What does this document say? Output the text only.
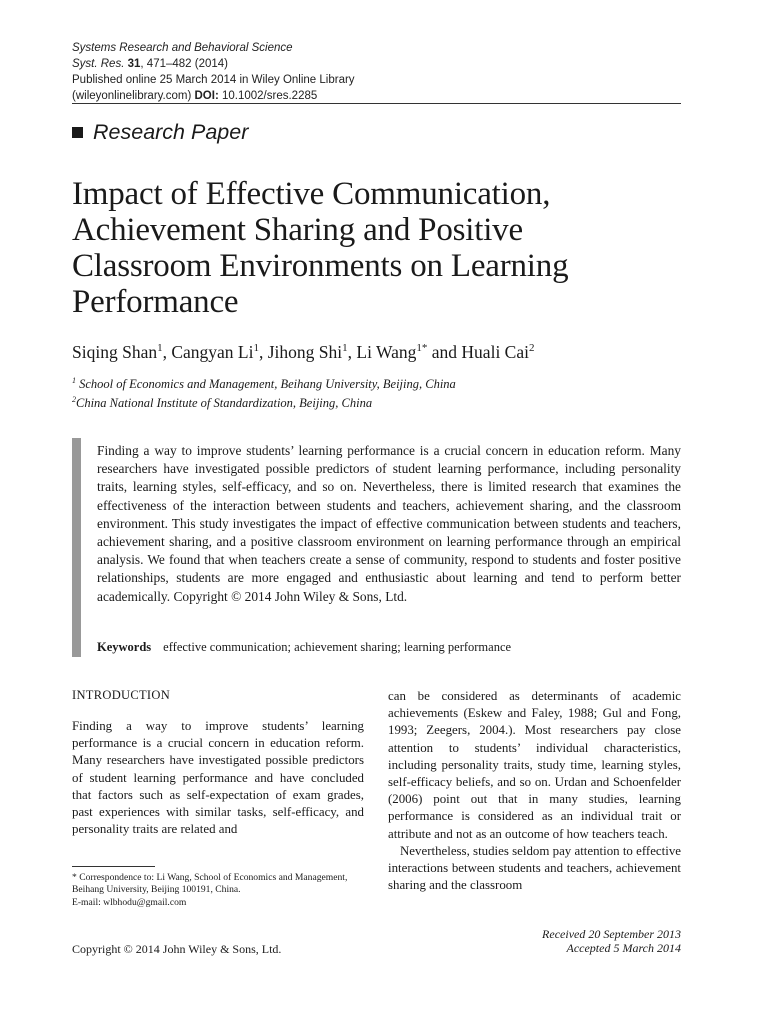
Systems Research and Behavioral Science
Syst. Res. 31, 471–482 (2014)
Published online 25 March 2014 in Wiley Online Library
(wileyonlinelibrary.com) DOI: 10.1002/sres.2285
Research Paper
Impact of Effective Communication,
Achievement Sharing and Positive
Classroom Environments on Learning
Performance
Siqing Shan$^1$, Cangyan Li$^1$, Jihong Shi$^1$, Li Wang$^{1*}$ and Huali Cai$^2$
$^1$ School of Economics and Management, Beihang University, Beijing, China
$^2$China National Institute of Standardization, Beijing, China
Finding a way to improve students’ learning performance is a crucial concern in education reform. Many researchers have investigated possible predictors of student learning performance, including personality traits, learning styles, self-efficacy, and so on. Nevertheless, there is limited research that examines the effectiveness of the interaction between students and teachers, achievement sharing, and the classroom environment. This study investigates the impact of effective communication between students and teachers, achievement sharing, and a positive classroom environment on learning performance through an empirical analysis. We found that when teachers create a sense of community, respond to students and foster positive relationships, students are more engaged and enthusiastic about learning and tend to perform better academically. Copyright © 2014 John Wiley & Sons, Ltd.
Keywords effective communication; achievement sharing; learning performance
INTRODUCTION
Finding a way to improve students’ learning performance is a crucial concern in education reform. Many researchers have investigated possible predictors of student learning performance and have concluded that factors such as self-expectation of exam grades, past experiences with similar tasks, self-efficacy, and personality traits are related and
* Correspondence to: Li Wang, School of Economics and Management,
Beihang University, Beijing 100191, China.
E-mail: wlbhodu@gmail.com

can be considered as determinants of academic achievements (Eskew and Faley, 1988; Gul and Fong, 1993; Zeegers, 2004.). Most researchers pay close attention to students’ individual characteristics, including personality traits, study time, learning styles, self-efficacy beliefs, and so on. Urdan and Schoenfelder (2006) point out that in many studies, learning performance is considered as an individual trait or attribute and not as an outcome of how teachers teach.

Nevertheless, studies seldom pay attention to effective interactions between students and teachers, achievement sharing and the classroom

Copyright © 2014 John Wiley & Sons, Ltd.
Received 20 September 2013
Accepted 5 March 2014
